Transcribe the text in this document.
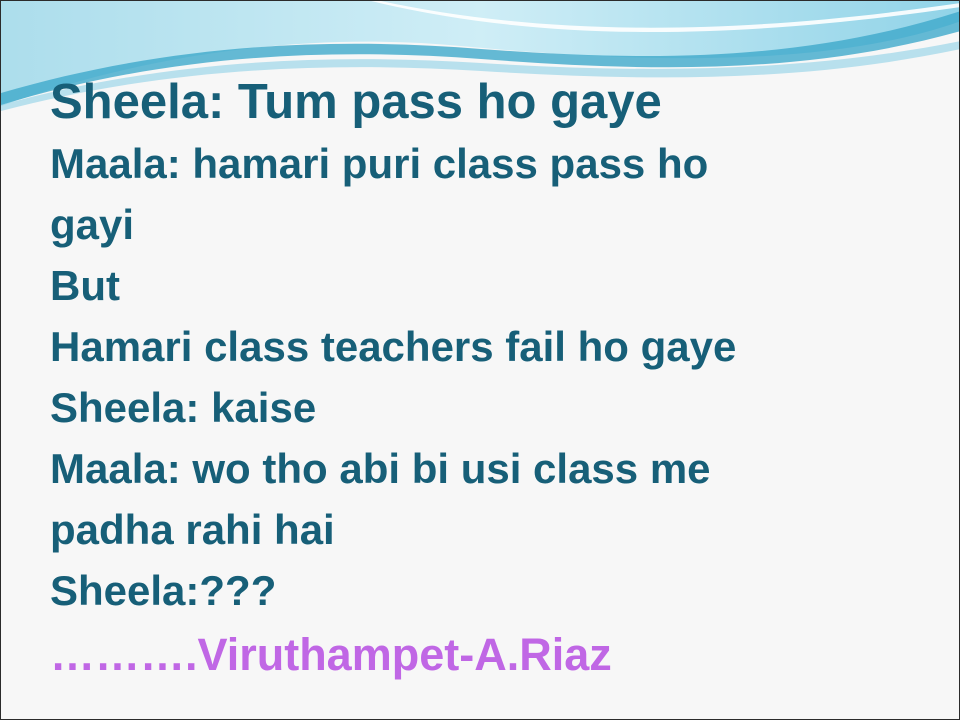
Sheela: Tum pass ho gaye

Maala: hamari puri class pass ho

gayi

But

Hamari class teachers fail ho gaye

Sheela: kaise

Maala: wo tho abi bi usi class me

padha rahi hai

Sheela:???

……….Viruthampet-A.Riaz
